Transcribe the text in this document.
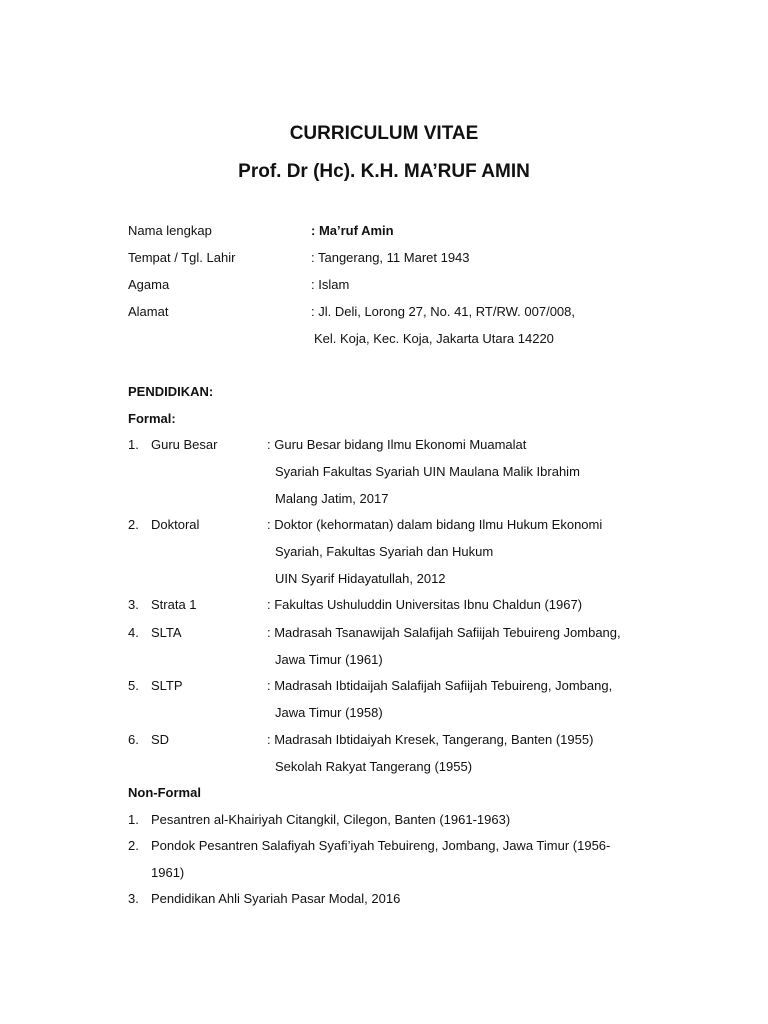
CURRICULUM VITAE
Prof. Dr (Hc). K.H. MA’RUF AMIN
Nama lengkap	: Ma’ruf Amin
Tempat / Tgl. Lahir	: Tangerang, 11 Maret 1943
Agama	: Islam
Alamat	: Jl. Deli, Lorong 27, No. 41, RT/RW. 007/008,
Kel. Koja, Kec. Koja, Jakarta Utara 14220
PENDIDIKAN:
Formal:
1. Guru Besar	: Guru Besar bidang Ilmu Ekonomi Muamalat
Syariah Fakultas Syariah UIN Maulana Malik Ibrahim
Malang Jatim, 2017
2. Doktoral	: Doktor (kehormatan) dalam bidang Ilmu Hukum Ekonomi
Syariah, Fakultas Syariah dan Hukum
UIN Syarif Hidayatullah, 2012
3. Strata 1	: Fakultas Ushuluddin Universitas Ibnu Chaldun (1967)
4. SLTA	: Madrasah Tsanawijah Salafijah Safiijah Tebuireng Jombang,
Jawa Timur (1961)
5. SLTP	: Madrasah Ibtidaijah Salafijah Safiijah Tebuireng, Jombang,
Jawa Timur (1958)
6. SD	: Madrasah Ibtidaiyah Kresek, Tangerang, Banten (1955)
Sekolah Rakyat Tangerang (1955)
Non-Formal
1. Pesantren al-Khairiyah Citangkil, Cilegon, Banten (1961-1963)
2. Pondok Pesantren Salafiyah Syafi’iyah Tebuireng, Jombang, Jawa Timur (1956-
1961)
3. Pendidikan Ahli Syariah Pasar Modal, 2016
